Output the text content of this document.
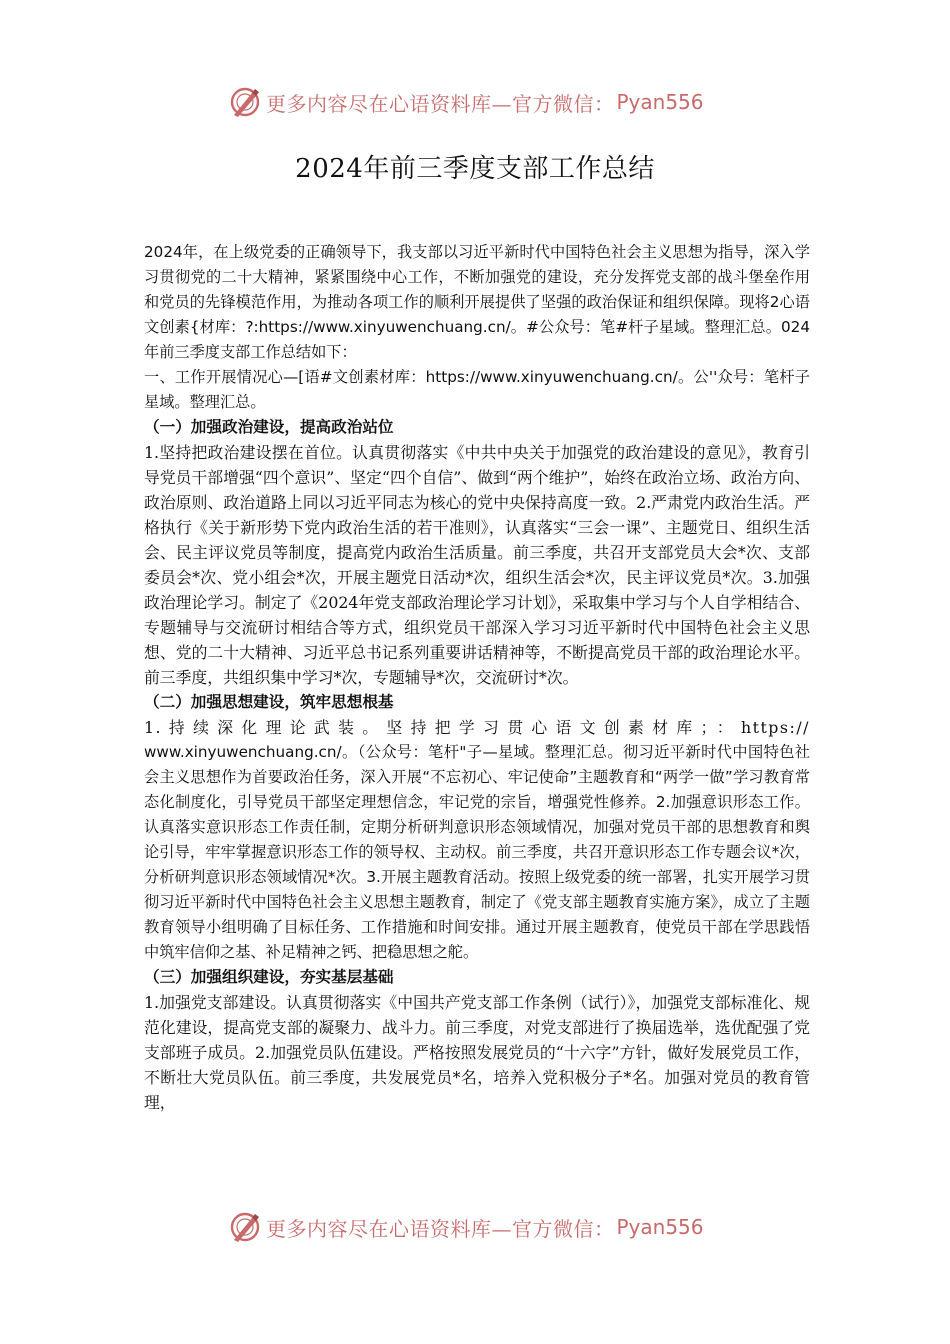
更多内容尽在心语资料库—官方微信： Pyan556
2024年前三季度支部工作总结

2024年，在上级党委的正确领导下，我支部以习近平新时代中国特色社会主义思想为指导，深入学习贯彻党的二十大精神，紧紧围绕中心工作，不断加强党的建设，充分发挥党支部的战斗堡垒作用和党员的先锋模范作用，为推动各项工作的顺利开展提供了坚强的政治保证和组织保障。现将2心语文创素{材库：?:https://www.xinyuwenchuang.cn/。#公众号：笔#杆子星域。整理汇总。024年前三季度支部工作总结如下：

一、工作开展情况心—[语#文创素材库：https://www.xinyuwenchuang.cn/。公''众号：笔杆子星域。整理汇总。

（一）加强政治建设，提高政治站位

1.坚持把政治建设摆在首位。认真贯彻落实《中共中央关于加强党的政治建设的意见》，教育引导党员干部增强“四个意识”、坚定“四个自信”、做到“两个维护”，始终在政治立场、政治方向、政治原则、政治道路上同以习近平同志为核心的党中央保持高度一致。2.严肃党内政治生活。严格执行《关于新形势下党内政治生活的若干准则》，认真落实“三会一课”、主题党日、组织生活会、民主评议党员等制度，提高党内政治生活质量。前三季度，共召开支部党员大会*次、支部委员会*次、党小组会*次，开展主题党日活动*次，组织生活会*次，民主评议党员*次。3.加强政治理论学习。制定了《2024年党支部政治理论学习计划》，采取集中学习与个人自学相结合、专题辅导与交流研讨相结合等方式，组织党员干部深入学习习近平新时代中国特色社会主义思想、党的二十大精神、习近平总书记系列重要讲话精神等，不断提高党员干部的政治理论水平。前三季度，共组织集中学习*次，专题辅导*次，交流研讨*次。

（二）加强思想建设，筑牢思想根基

1.持续深化理论武装。坚持把学习贯心语文创素材库；：https://

www.xinyuwenchuang.cn/。（公众号：笔杆"子—星域。整理汇总。彻习近平新时代中国特色社会主义思想作为首要政治任务，深入开展“不忘初心、牢记使命”主题教育和“两学一做”学习教育常态化制度化，引导党员干部坚定理想信念，牢记党的宗旨，增强党性修养。2.加强意识形态工作。认真落实意识形态工作责任制，定期分析研判意识形态领域情况，加强对党员干部的思想教育和舆论引导，牢牢掌握意识形态工作的领导权、主动权。前三季度，共召开意识形态工作专题会议*次，分析研判意识形态领域情况*次。3.开展主题教育活动。按照上级党委的统一部署，扎实开展学习贯彻习近平新时代中国特色社会主义思想主题教育，制定了《党支部主题教育实施方案》，成立了主题教育领导小组明确了目标任务、工作措施和时间安排。通过开展主题教育，使党员干部在学思践悟中筑牢信仰之基、补足精神之钙、把稳思想之舵。

（三）加强组织建设，夯实基层基础

1.加强党支部建设。认真贯彻落实《中国共产党支部工作条例（试行）》，加强党支部标准化、规范化建设，提高党支部的凝聚力、战斗力。前三季度，对党支部进行了换届选举，选优配强了党支部班子成员。2.加强党员队伍建设。严格按照发展党员的“十六字”方针，做好发展党员工作，不断壮大党员队伍。前三季度，共发展党员*名，培养入党积极分子*名。加强对党员的教育管理，

更多内容尽在心语资料库—官方微信： Pyan556
